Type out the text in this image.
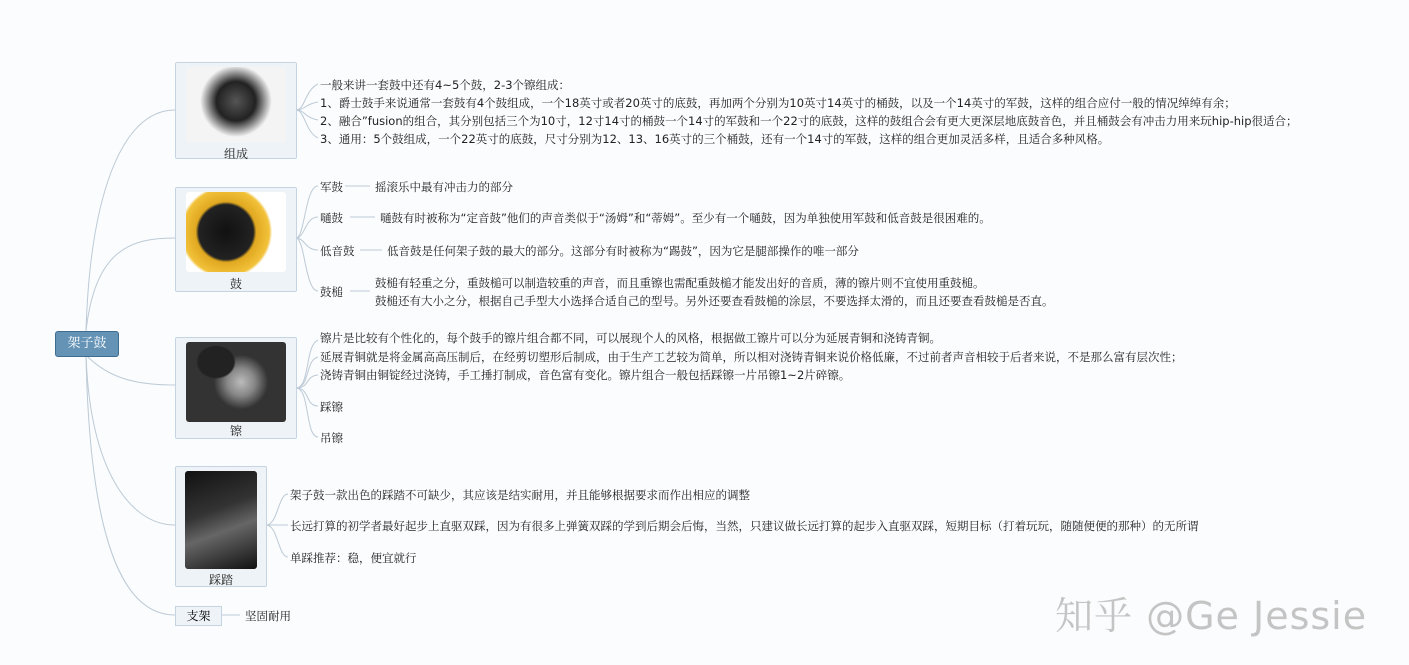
架子鼓
组成
一般来讲一套鼓中还有4~5个鼓，2-3个镲组成：
1、爵士鼓手来说通常一套鼓有4个鼓组成，一个18英寸或者20英寸的底鼓，再加两个分别为10英寸14英寸的桶鼓，以及一个14英寸的军鼓，这样的组合应付一般的情况绰绰有余；
2、融合”fusion的组合，其分别包括三个为10寸，12寸14寸的桶鼓一个14寸的军鼓和一个22寸的底鼓，这样的鼓组合会有更大更深层地底鼓音色，并且桶鼓会有冲击力用来玩hip-hip很适合；
3、通用：5个鼓组成，一个22英寸的底鼓，尺寸分别为12、13、16英寸的三个桶鼓，还有一个14寸的军鼓，这样的组合更加灵活多样，且适合多种风格。
鼓
军鼓	摇滚乐中最有冲击力的部分
嗵鼓	嗵鼓有时被称为“定音鼓”他们的声音类似于“汤姆”和“蒂姆”。至少有一个嗵鼓，因为单独使用军鼓和低音鼓是很困难的。
低音鼓	低音鼓是任何架子鼓的最大的部分。这部分有时被称为“踢鼓”，因为它是腿部操作的唯一部分
鼓槌
鼓槌有轻重之分，重鼓槌可以制造较重的声音，而且重镲也需配重鼓槌才能发出好的音质，薄的镲片则不宜使用重鼓槌。
鼓槌还有大小之分，根据自己手型大小选择合适自己的型号。另外还要查看鼓槌的涂层，不要选择太滑的，而且还要查看鼓槌是否直。
镲
镲片是比较有个性化的，每个鼓手的镲片组合都不同，可以展现个人的风格，根据做工镲片可以分为延展青铜和浇铸青铜。
延展青铜就是将金属高高压制后，在经剪切塑形后制成，由于生产工艺较为简单，所以相对浇铸青铜来说价格低廉，不过前者声音相较于后者来说，不是那么富有层次性；
浇铸青铜由铜锭经过浇铸，手工捶打制成，音色富有变化。镲片组合一般包括踩镲一片吊镲1~2片碎镲。
踩镲
吊镲
踩踏
架子鼓一款出色的踩踏不可缺少，其应该是结实耐用，并且能够根据要求而作出相应的调整
长远打算的初学者最好起步上直驱双踩，因为有很多上弹簧双踩的学到后期会后悔，当然，只建议做长远打算的起步入直驱双踩，短期目标（打着玩玩，随随便便的那种）的无所谓
单踩推荐：稳，便宜就行
支架	坚固耐用	知乎 @Ge Jessie
